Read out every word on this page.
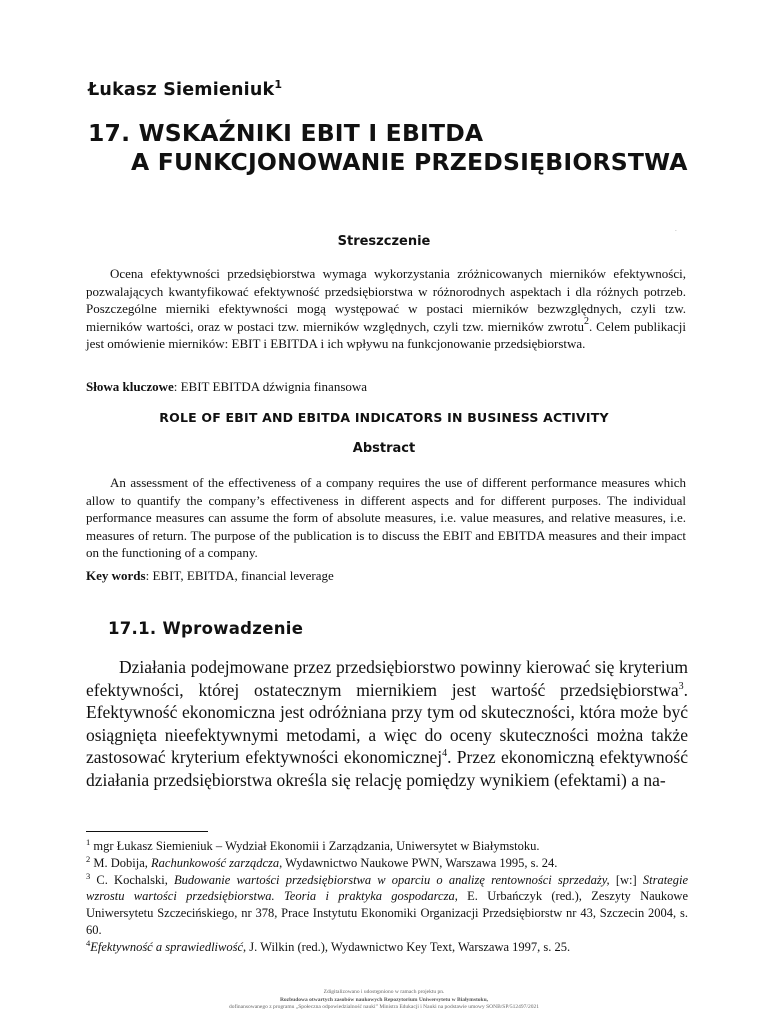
Łukasz Siemieniuk$^1$
17. WSKAŹNIKI EBIT I EBITDA
A FUNKCJONOWANIE PRZEDSIĘBIORSTWA
˜
Streszczenie

Ocena efektywności przedsiębiorstwa wymaga wykorzystania zróżnicowanych mierników efektywności, pozwalających kwantyfikować efektywność przedsiębiorstwa w różnorodnych aspektach i dla różnych potrzeb. Poszczególne mierniki efektywności mogą występować w postaci mierników bezwzględnych, czyli tzw. mierników wartości, oraz w postaci tzw. mierników względnych, czyli tzw. mierników zwrotu$^2$. Celem publikacji jest omówienie mierników: EBIT i EBITDA i ich wpływu na funkcjonowanie przedsiębiorstwa.

Słowa kluczowe: EBIT EBITDA dźwignia finansowa

ROLE OF EBIT AND EBITDA INDICATORS IN BUSINESS ACTIVITY
Abstract

An assessment of the effectiveness of a company requires the use of different performance measures which allow to quantify the company’s effectiveness in different aspects and for different purposes. The individual performance measures can assume the form of absolute measures, i.e. value measures, and relative measures, i.e. measures of return. The purpose of the publication is to discuss the EBIT and EBITDA measures and their impact on the functioning of a company.

Key words: EBIT, EBITDA, financial leverage

17.1. Wprowadzenie

Działania podejmowane przez przedsiębiorstwo powinny kierować się kryterium efektywności, której ostatecznym miernikiem jest wartość przedsiębiorstwa$^3$. Efektywność ekonomiczna jest odróżniana przy tym od skuteczności, która może być osiągnięta nieefektywnymi metodami, a więc do oceny skuteczności można także zastosować kryterium efektywności ekonomicznej$^4$. Przez ekonomiczną efektywność działania przedsiębiorstwa określa się relację pomiędzy wynikiem (efektami) a na-

$^1$ mgr Łukasz Siemieniuk – Wydział Ekonomii i Zarządzania, Uniwersytet w Białymstoku.

$^2$ M. Dobija, Rachunkowość zarządcza, Wydawnictwo Naukowe PWN, Warszawa 1995, s. 24.

$^3$ C. Kochalski, Budowanie wartości przedsiębiorstwa w oparciu o analizę rentowności sprzedaży, [w:] Strategie wzrostu wartości przedsiębiorstwa. Teoria i praktyka gospodarcza, E. Urbańczyk (red.), Zeszyty Naukowe Uniwersytetu Szczecińskiego, nr 378, Prace Instytutu Ekonomiki Organizacji Przedsiębiorstw nr 43, Szczecin 2004, s. 60.

$^4$Efektywność a sprawiedliwość, J. Wilkin (red.), Wydawnictwo Key Text, Warszawa 1997, s. 25.

Zdigitalizowano i udostępniono w ramach projektu pn.
Rozbudowa otwartych zasobów naukowych Repozytorium Uniwersytetu w Białymstoku,
dofinansowanego z programu „Społeczna odpowiedzialność nauki” Ministra Edukacji i Nauki na podstawie umowy SONB/SP/512497/2021
